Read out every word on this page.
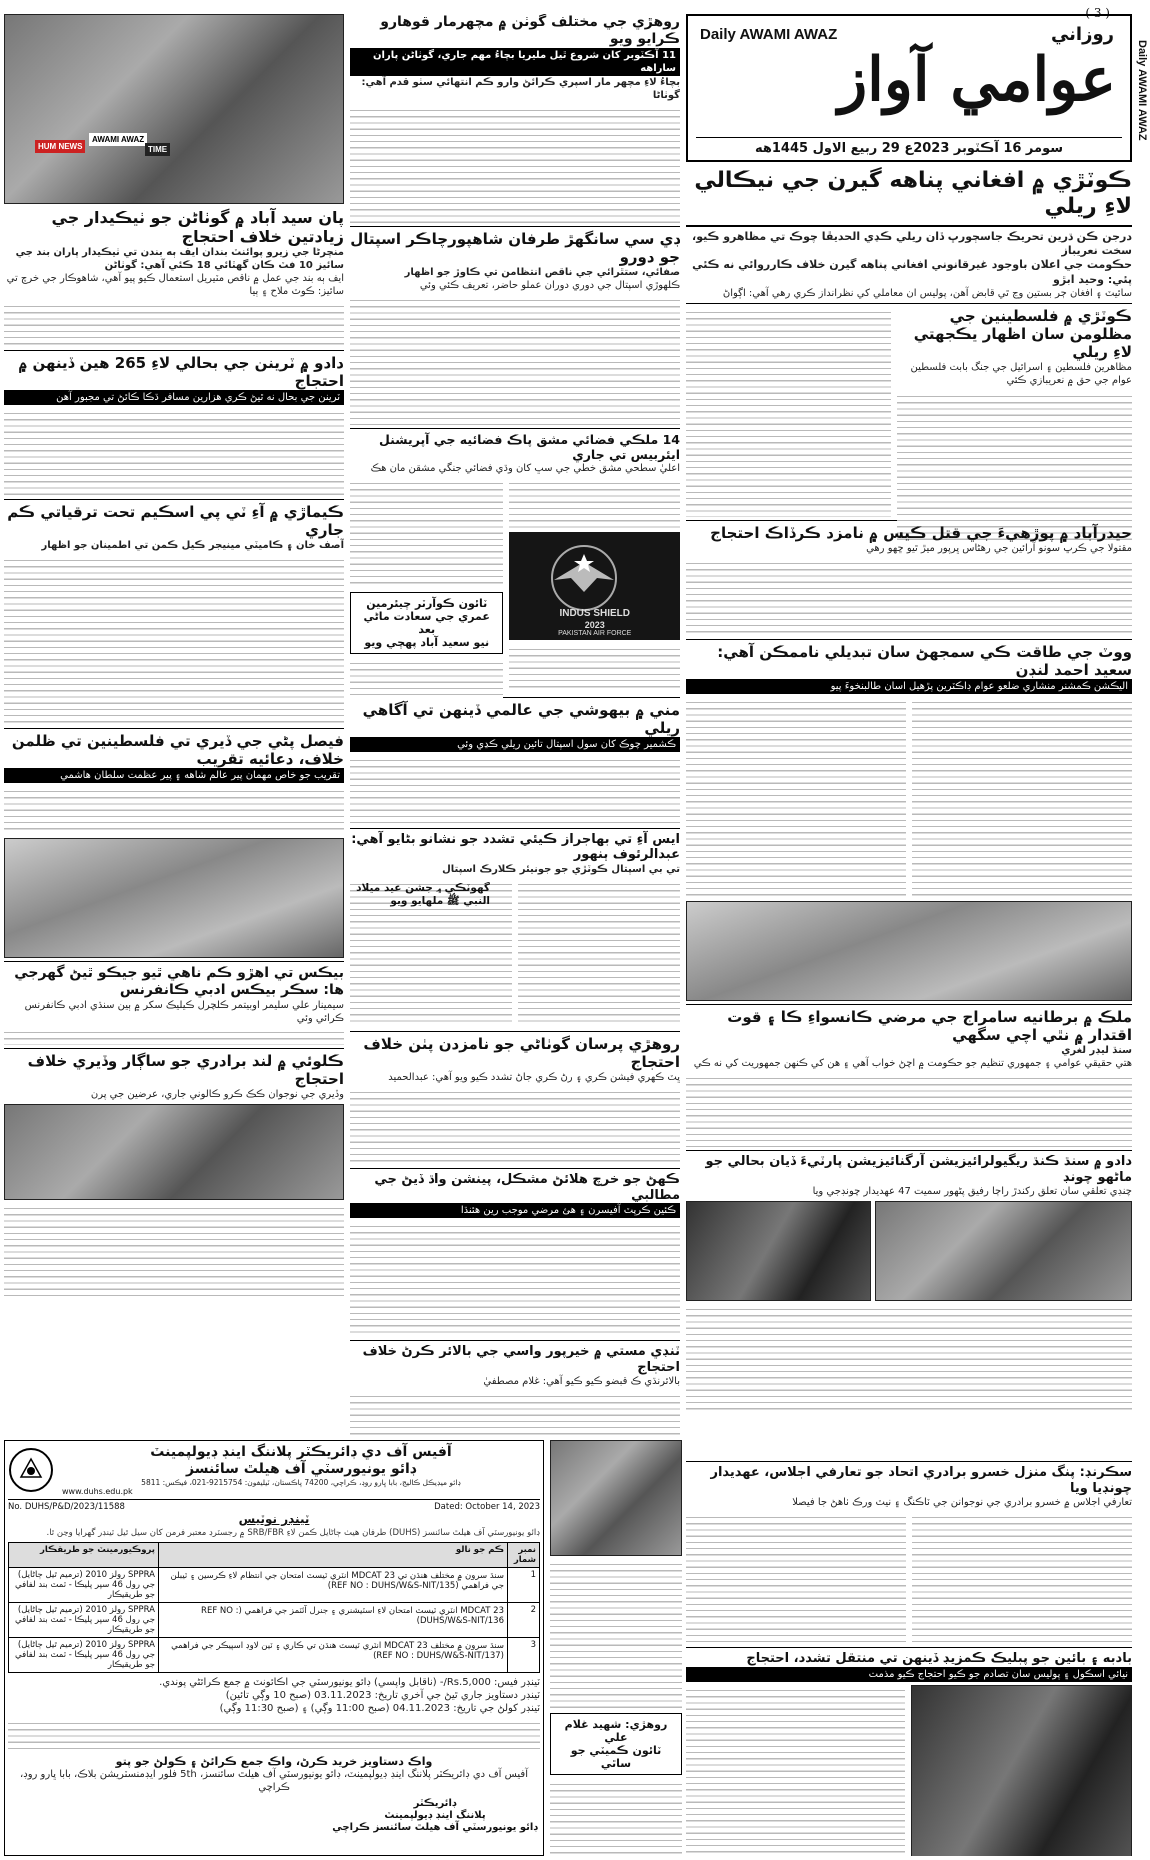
( 3 )
Daily AWAMI AWAZ
Daily AWAMI AWAZ	روزاني
عوامي آواز
سومر 16 آڪٽوبر 2023ع 29 ربيع الاول 1445هه
ڪوٽڙي ۾ افغاني پناهه گيرن جي نيڪالي لاءِ ريلي
درجن ڪن ڌرين تحريڪ جاسڄورڀ ڏان ريلي ڪڍي الحديڦا چوڪ تي مظاهرو ڪيو، سخت نعريباز
حڪومت جي اعلان باوجود غيرقانوني افغاني پناهه گيرن خلاف ڪارروائي نه ڪئي پئي: وحيد ابڙو
سائيٽ ۽ افغان ڄر بستين وڃ ٿي قابض آهن، پوليس ان معاملي کي نظرانداز ڪري رهي آهي: اڳواڻ
ڪوٽڙي ۾ فلسطينين جي مظلومن سان اظهار يڪجهتي لاءِ ريلي
مظاهرين فلسطين ۽ اسرائيل جي جنگ بابت فلسطين عوام جي حق ۾ نعريبازي ڪئي
حيدرآباد ۾ پوڙهيءَ جي قتل ڪيس ۾ نامزد ڪرڏاڪ احتجاج
مقتولا جي ڪرڀ سونو آرائين جي رهڻاس ڀرپور ميڙ ٿيو ڇهو رهي
ووٽ جي طاقت ڪي سمجهڻ سان تبديلي ناممڪن آهي: سعيد احمد لنڊن
اليڪشن ڪمشنر منشاري ضلعو عوام ڊاڪٽرين پڙهيل اسان طالبنخوءَ پيو
ملڪ ۾ برطانيه سامراج جي مرضي ڪانسواءِ ڪا ۽ قوت اقتدار ۾ نٿي اچي سگهي
سنڌ ليڊر لغري
هتي حقيقي عوامي ۽ جمهوري تنظيم جو حڪومت ۾ اچڻ خواب آهي ۽ هن کي ڪنهن جمهوريت کي نه ڪي
دادو ۾ سنڌ ڪنڌ ريگيولرائيزيشن آرگنائيزيشن پارٽيءَ ڏيان بحالي جو ماڻهو چونڊ
چنڊي تعلقي سان تعلق رکندڙ راڄا رفيق پڻهور سميت 47 عهديدار چونڊجي ويا
سڪرنڊ: پنگ منزل خسرو برادري اتحاد جو تعارفي اجلاس، عهديدار چونڊيا ويا
تعارفي اجلاس ۾ خسرو برادري جي نوجوانن جي ٽاڪنگ ۽ نيٽ ورڪ ٺاهڻ جا فيصلا
بادبه ۽ بائين جو پبليڪ ڪمزيڊ ڏينهن تي منتقل تشدد، احتجاج
نيائي اسڪول ۽ پوليس سان تصادم جو ڪيو احتجاج ڪيو مذمت
روهڙي جي مختلف گوٺن ۾ مچهرمار قوهارو ڪرايو ويو
11 آڪٽوبر کان شروع ٿيل مليريا بچاءُ مهم جاري، گوٺاڻن پاران ساراهه
بچاءُ لاءِ مچهر مار اسپري ڪرائڻ وارو ڪم انتهائي سٺو قدم آهي: گوٺاڻا
ڊي سي سانگهڙ طرفان شاهپورچاڪر اسپتال جو دورو
صفائي، ستٿرائي جي ناقص انتظامن تي ڪاوڙ جو اظهار
ڪلهوڙي اسپتال جي دوري دوران عملو حاضر، تعريف ڪئي وئي
14 ملڪي فضائي مشق پاڪ فضائيه جي آپريشنل ايئربيس تي جاري
اعليٰ سطحي مشق خطي جي سڀ کان وڌي فضائي جنگي مشقن مان هڪ
INDUS SHIELD
2023
PAKISTAN AIR FORCE
ٽائون ڪوآرٽر چيئرمين
عمري جي سعادت ماڻي بعد
نيو سعيد آباد پهچي ويو
مني ۾ بيهوشي جي عالمي ڏينهن تي آگاهي ريلي
ڪشمير چوڪ کان سول اسپتال تائين ريلي ڪڍي وئي
ايس آءِ تي بهاجراز ڪيئي تشدد جو نشانو بڻايو آهي: عبدالرئوف ٻنهور
تي بي اسپتال ڪوٽڙي جو جونيئر ڪلارڪ اسپتال
روهڙي پرسان گوٺاڻي جو نامزدن پٺن خلاف احتجاج
ڀٽ ڪهري فيشن ڪري ۽ رڻ ڪري جاڻ تشدد ڪيو ويو آهي: عبدالحميد
ڪهڻ جو خرچ هلائڻ مشڪل، پينشن واڌ ڏيڻ جي مطالبي
ڪئين ڪرپٽ آفيسرن ۽ هئ مرضي موجب رين هئنڌا
ٽنڊي مستي ۾ خيرپور واسي جي بالائر ڪرڻ خلاف احتجاج
بالائرنڌي ڪ قبضو ڪيو ڪيو آهي: غلام مصطفيٰ
HUM NEWS
AWAMI AWAZ
TIME
پان سيد آباد ۾ گوٺاڻن جو ٺيڪيدار جي زيادتين خلاف احتجاج
منچرڻا جي زيرو پوائنٽ بندان ايف ٻه بندن تي ٺيڪيدار پاران بند جي سائيز 10 فٽ ڪان گهٽائي 18 ڪئي آهي: گوٺاڻن
ايف ٻه بند جي عمل ۾ ناقص مٽيريل استعمال ڪيو پيو آهي، شاهوڪار جي خرچ تي سائيز: ڪوٽ ملاح ۽ ٻيا
دادو ۾ ٽرينن جي بحالي لاءِ 265 هين ڏينهن ۾ احتجاج
ٽرينن جي بحال نه ٿيڻ ڪري هزارين مسافر ڌڪا ڪائڻ تي مجبور آهن
ڪيماڙي ۾ آءِ ٽي پي اسڪيم تحت ترقياتي ڪم جاري
آصف خان ۽ ڪاميٽي مينيجر ڪيل ڪمن تي اطمينان جو اظهار
فيصل پڻي جي ڏيري تي فلسطينين تي ظلمن خلاف، دعائيه تقريب
تقريب جو خاص مهمان پير عالم شاهه ۽ پير عظمت سلطان هاشمي
بيڪس تي اهڙو ڪم ناهي ٿيو جيڪو ٿيڻ گهرجي ها: سڪر بيڪس ادبي ڪانفرنس
سيمينار علي سلیمر اوبيتمر ڪلچرل ڪيليڪ سکر ۾ ٻين سنڌي ادبي ڪانفرنس ڪرائي وئي
ڪلوئي ۾ لند برادري جو ساڳار وڏيري خلاف احتجاج
وڏيري جي نوجوان ڪڪ ڪرو ڪالوني جاري، عرضين جي پرن
گهوٽڪي ۾ جشن عيد ميلاد النبي ﷺ ملهايو ويو
آفيس آف دي ڊائريڪٽر پلاننگ اينڊ ڊيولپمينٽ
ڊائو يونيورسٽي آف هيلٿ سائنسز
ڊائو ميڊيڪل ڪاليج، بابا ڀارو روڊ، ڪراچي، 74200 پاڪستان، ٽيليفون: 9215754-021، فيڪس: 5811
www.duhs.edu.pk
No. DUHS/P&D/2023/11588	Dated: October 14, 2023
ٽينڊر نوٽيس
ڊائو يونيورسٽي آف هيلٿ سائنسز (DUHS) طرفان هيٺ ڄاڻايل ڪمن لاءِ SRB/FBR ۾ رجسٽرڊ معتبر فرمن کان سيل ٿيل ٽينڊر گهرايا وڃن ٿا.
نمبر شمار	ڪم جو نالو	پروڪيورمينٽ جو طريقڪار
1	سنڌ سرون ۾ مختلف هنڌن تي 23 MDCAT انٽري ٽيسٽ امتحان جي انتظام لاءِ ڪرسين ۽ ٽيبلن جي فراهمي (REF NO : DUHS/W&S-NIT/135)	SPPRA رولز 2010 (ترميم ٿيل ڄاڻايل) جي رول 46 سپر پليڪا - ٽمٽ بند لفافي جو طريقيڪار
2	MDCAT 23 انٽري ٽيسٽ امتحان لاءِ اسٽيشنري ۽ جنرل آئٽمز جي فراهمي (REF NO : DUHS/W&S-NIT/136)	SPPRA رولز 2010 (ترميم ٿيل ڄاڻايل) جي رول 46 سپر پليڪا - ٽمٽ بند لفافي جو طريقيڪار
3	سنڌ سرون ۾ مختلف 23 MDCAT انٽري ٽيسٽ هنڌن تي ڪاري ۽ ٽين لاوڊ اسپيڪر جي فراهمي (REF NO : DUHS/W&S-NIT/137)	SPPRA رولز 2010 (ترميم ٿيل ڄاڻايل) جي رول 46 سپر پليڪا - ٽمٽ بند لفافي جو طريقيڪار
ٽينڊر فيس: Rs.5,000/- (ناقابل واپسي) ڊائو يونيورسٽي جي اڪائونٽ ۾ جمع ڪرائڻي پوندي.
ٽينڊر دستاويز جاري ٿيڻ جي آخري تاريخ: 03.11.2023 (صبح 10 وڳي تائين)
ٽينڊر کولڻ جي تاريخ: 04.11.2023 (صبح 11:00 وڳي) ۽ (صبح 11:30 وڳي)
واڪ دستاويز خريد ڪرڻ، واڪ جمع ڪرائڻ ۽ ڪولڻ جو پتو
آفيس آف دي ڊائريڪٽر پلاننگ اينڊ ڊيولپمينٽ، ڊائو يونيورسٽي آف هيلٿ سائنسز، 5th فلور ايڊمنسٽريشن بلاڪ، بابا ڀارو روڊ، ڪراچي
ڊائريڪٽر
پلاننگ اينڊ ڊيولپمينٽ
ڊائو يونيورسٽي آف هيلٿ سائنسز ڪراچي
روهڙي: شهيد غلام علي
ٽائون ڪميٽي جو ساٿي
